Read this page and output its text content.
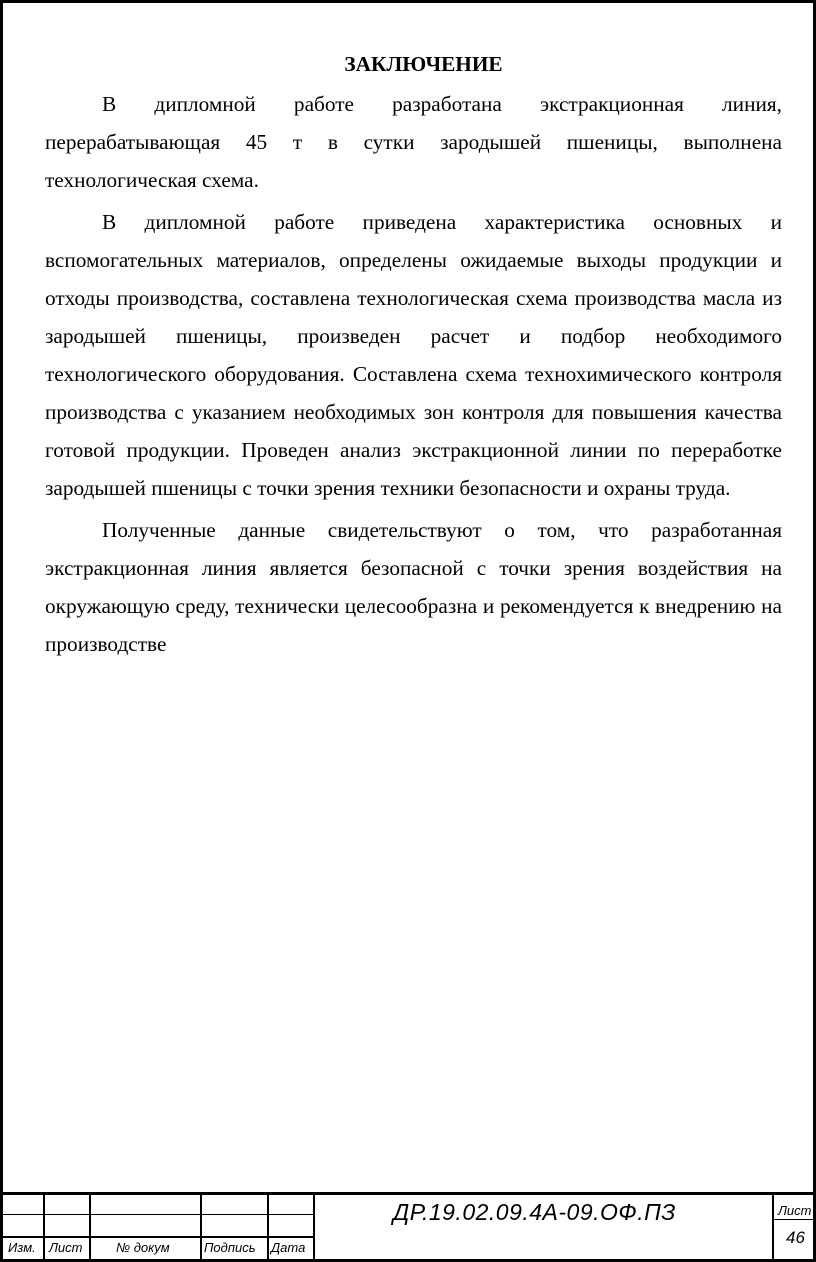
ЗАКЛЮЧЕНИЕ

В дипломной работе разработана экстракционная линия, перерабатывающая 45 т в сутки зародышей пшеницы, выполнена технологическая схема.

В дипломной работе приведена характеристика основных и вспомогательных материалов, определены ожидаемые выходы продукции и отходы производства, составлена технологическая схема производства масла из зародышей пшеницы, произведен расчет и подбор необходимого технологического оборудования. Составлена схема технохимического контроля производства с указанием необходимых зон контроля для повышения качества готовой продукции. Проведен анализ экстракционной линии по переработке зародышей пшеницы с точки зрения техники безопасности и охраны труда.

Полученные данные свидетельствуют о том, что разработанная экстракционная линия является безопасной с точки зрения воздействия на окружающую среду, технически целесообразна и рекомендуется к внедрению на производстве

Изм. Лист	№ докум	Подпись Дата
ДР.19.02.09.4А-09.ОФ.ПЗ	Лист
46
